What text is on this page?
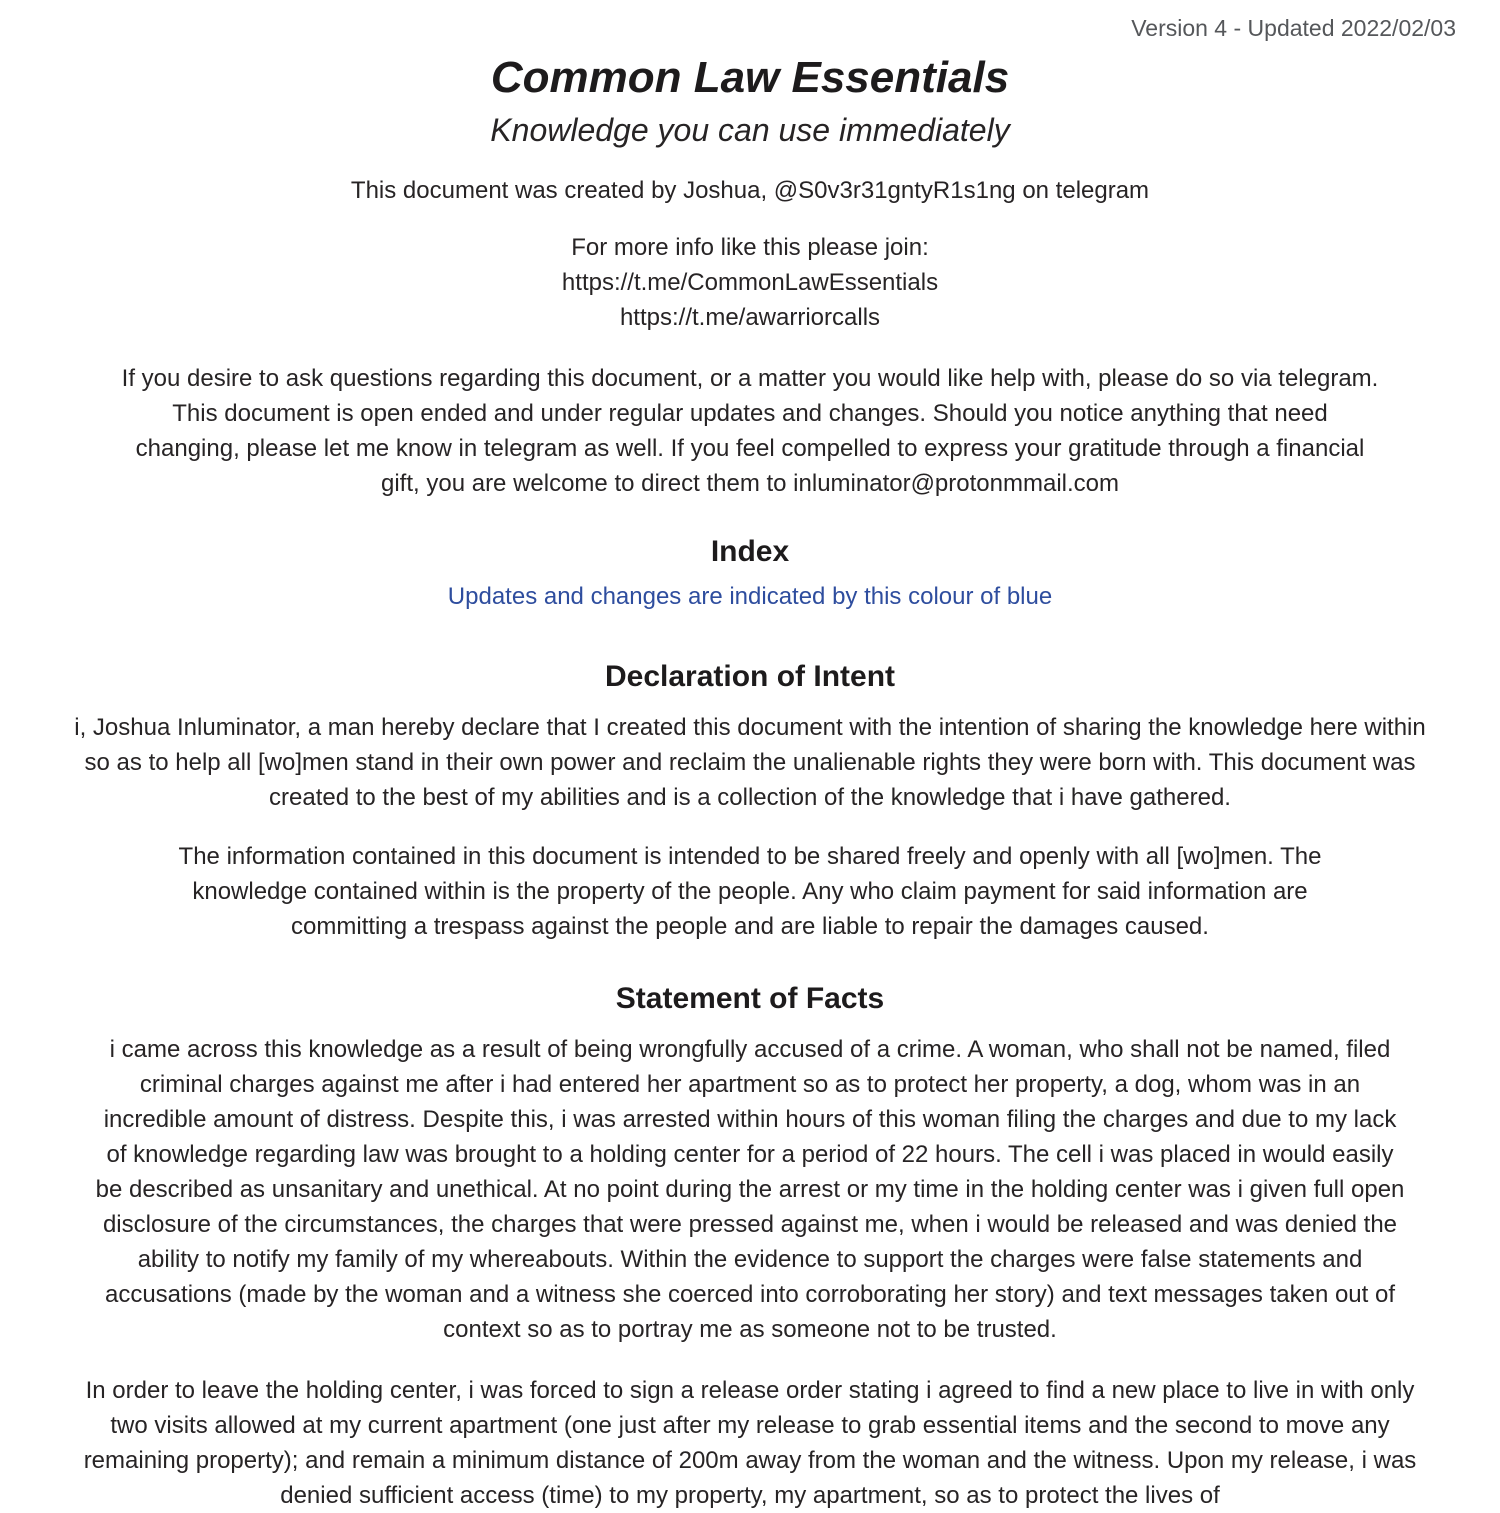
Version 4 - Updated 2022/02/03
Common Law Essentials
Knowledge you can use immediately
This document was created by Joshua, @S0v3r31gntyR1s1ng on telegram
For more info like this please join:
https://t.me/CommonLawEssentials
https://t.me/awarriorcalls
If you desire to ask questions regarding this document, or a matter you would like help with, please do so via telegram. This document is open ended and under regular updates and changes. Should you notice anything that need changing, please let me know in telegram as well. If you feel compelled to express your gratitude through a financial gift, you are welcome to direct them to inluminator@protonmmail.com
Index
Updates and changes are indicated by this colour of blue
Declaration of Intent
i, Joshua Inluminator, a man hereby declare that I created this document with the intention of sharing the knowledge here within so as to help all [wo]men stand in their own power and reclaim the unalienable rights they were born with. This document was created to the best of my abilities and is a collection of the knowledge that i have gathered.
The information contained in this document is intended to be shared freely and openly with all [wo]men. The knowledge contained within is the property of the people. Any who claim payment for said information are committing a trespass against the people and are liable to repair the damages caused.
Statement of Facts
i came across this knowledge as a result of being wrongfully accused of a crime. A woman, who shall not be named, filed criminal charges against me after i had entered her apartment so as to protect her property, a dog, whom was in an incredible amount of distress. Despite this, i was arrested within hours of this woman filing the charges and due to my lack of knowledge regarding law was brought to a holding center for a period of 22 hours. The cell i was placed in would easily be described as unsanitary and unethical. At no point during the arrest or my time in the holding center was i given full open disclosure of the circumstances, the charges that were pressed against me, when i would be released and was denied the ability to notify my family of my whereabouts. Within the evidence to support the charges were false statements and accusations (made by the woman and a witness she coerced into corroborating her story) and text messages taken out of context so as to portray me as someone not to be trusted.
In order to leave the holding center, i was forced to sign a release order stating i agreed to find a new place to live in with only two visits allowed at my current apartment (one just after my release to grab essential items and the second to move any remaining property); and remain a minimum distance of 200m away from the woman and the witness. Upon my release, i was denied sufficient access (time) to my property, my apartment, so as to protect the lives of
